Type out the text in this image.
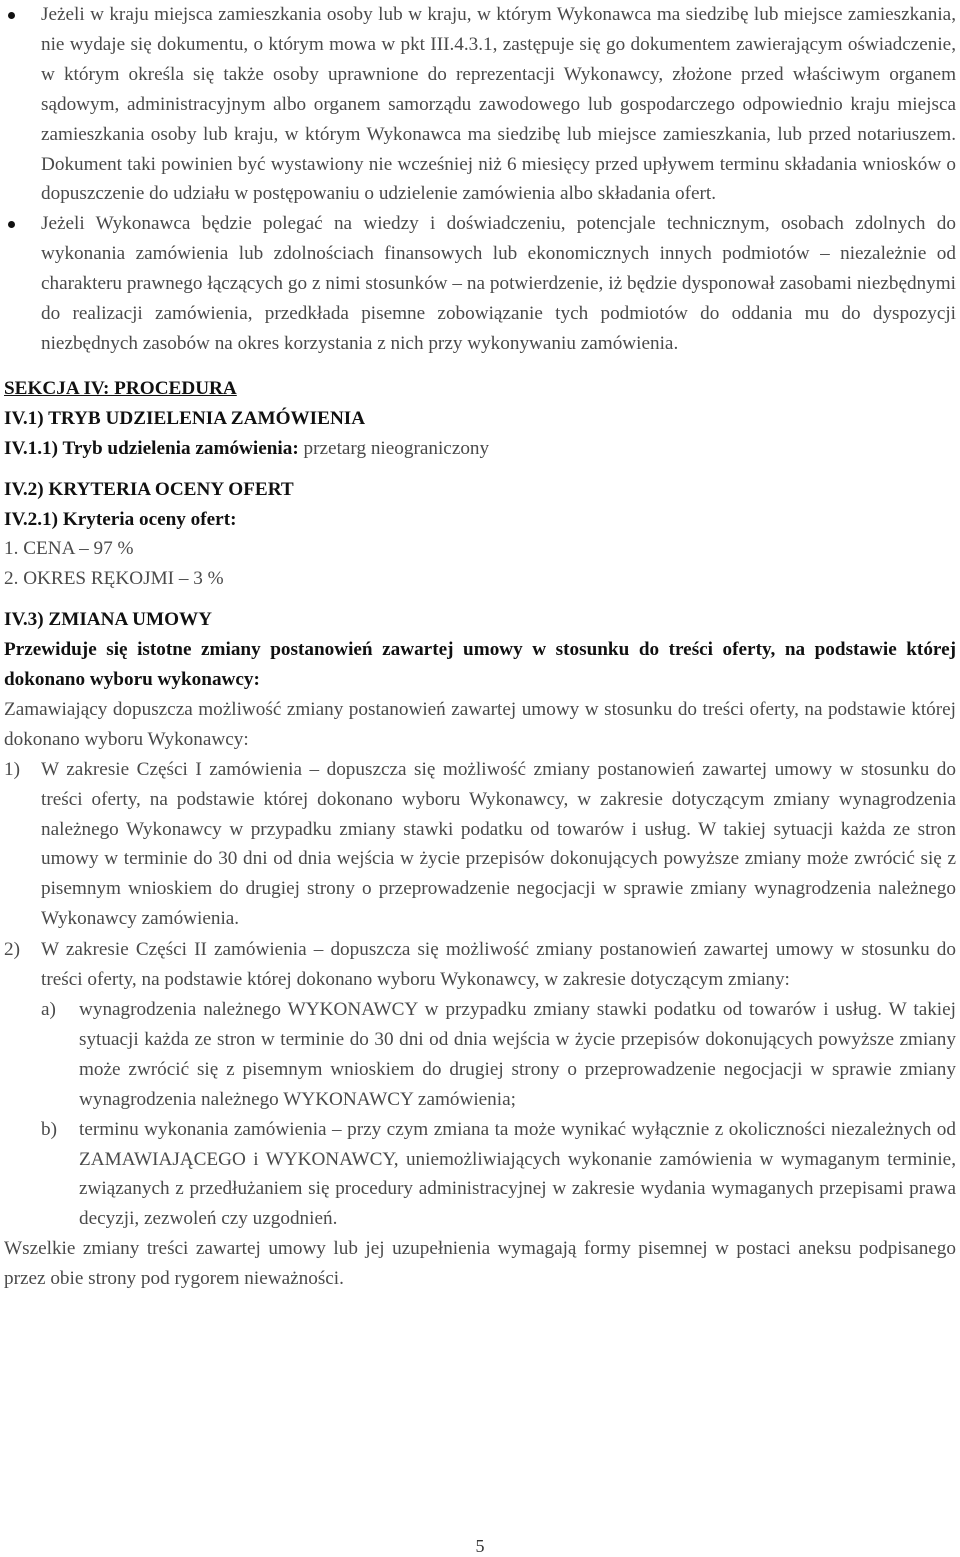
Jeżeli w kraju miejsca zamieszkania osoby lub w kraju, w którym Wykonawca ma siedzibę lub miejsce zamieszkania, nie wydaje się dokumentu, o którym mowa w pkt III.4.3.1, zastępuje się go dokumentem zawierającym oświadczenie, w którym określa się także osoby uprawnione do reprezentacji Wykonawcy, złożone przed właściwym organem sądowym, administracyjnym albo organem samorządu zawodowego lub gospodarczego odpowiednio kraju miejsca zamieszkania osoby lub kraju, w którym Wykonawca ma siedzibę lub miejsce zamieszkania, lub przed notariuszem. Dokument taki powinien być wystawiony nie wcześniej niż 6 miesięcy przed upływem terminu składania wniosków o dopuszczenie do udziału w postępowaniu o udzielenie zamówienia albo składania ofert.

Jeżeli Wykonawca będzie polegać na wiedzy i doświadczeniu, potencjale technicznym, osobach zdolnych do wykonania zamówienia lub zdolnościach finansowych lub ekonomicznych innych podmiotów – niezależnie od charakteru prawnego łączących go z nimi stosunków – na potwierdzenie, iż będzie dysponował zasobami niezbędnymi do realizacji zamówienia, przedkłada pisemne zobowiązanie tych podmiotów do oddania mu do dyspozycji niezbędnych zasobów na okres korzystania z nich przy wykonywaniu zamówienia.

SEKCJA IV: PROCEDURA

IV.1) TRYB UDZIELENIA ZAMÓWIENIA

IV.1.1) Tryb udzielenia zamówienia: przetarg nieograniczony

IV.2) KRYTERIA OCENY OFERT

IV.2.1) Kryteria oceny ofert:

1. CENA – 97 %

2. OKRES RĘKOJMI – 3 %

IV.3) ZMIANA UMOWY

Przewiduje się istotne zmiany postanowień zawartej umowy w stosunku do treści oferty, na podstawie której dokonano wyboru wykonawcy:

Zamawiający dopuszcza możliwość zmiany postanowień zawartej umowy w stosunku do treści oferty, na podstawie której dokonano wyboru Wykonawcy:

1) W zakresie Części I zamówienia – dopuszcza się możliwość zmiany postanowień zawartej umowy w stosunku do treści oferty, na podstawie której dokonano wyboru Wykonawcy, w zakresie dotyczącym zmiany wynagrodzenia należnego Wykonawcy w przypadku zmiany stawki podatku od towarów i usług. W takiej sytuacji każda ze stron umowy w terminie do 30 dni od dnia wejścia w życie przepisów dokonujących powyższe zmiany może zwrócić się z pisemnym wnioskiem do drugiej strony o przeprowadzenie negocjacji w sprawie zmiany wynagrodzenia należnego Wykonawcy zamówienia.

2) W zakresie Części II zamówienia – dopuszcza się możliwość zmiany postanowień zawartej umowy w stosunku do treści oferty, na podstawie której dokonano wyboru Wykonawcy, w zakresie dotyczącym zmiany:

a) wynagrodzenia należnego WYKONAWCY w przypadku zmiany stawki podatku od towarów i usług. W takiej sytuacji każda ze stron w terminie do 30 dni od dnia wejścia w życie przepisów dokonujących powyższe zmiany może zwrócić się z pisemnym wnioskiem do drugiej strony o przeprowadzenie negocjacji w sprawie zmiany wynagrodzenia należnego WYKONAWCY zamówienia;

b) terminu wykonania zamówienia – przy czym zmiana ta może wynikać wyłącznie z okoliczności niezależnych od ZAMAWIAJĄCEGO i WYKONAWCY, uniemożliwiających wykonanie zamówienia w wymaganym terminie, związanych z przedłużaniem się procedury administracyjnej w zakresie wydania wymaganych przepisami prawa decyzji, zezwoleń czy uzgodnień.

Wszelkie zmiany treści zawartej umowy lub jej uzupełnienia wymagają formy pisemnej w postaci aneksu podpisanego przez obie strony pod rygorem nieważności.

5
